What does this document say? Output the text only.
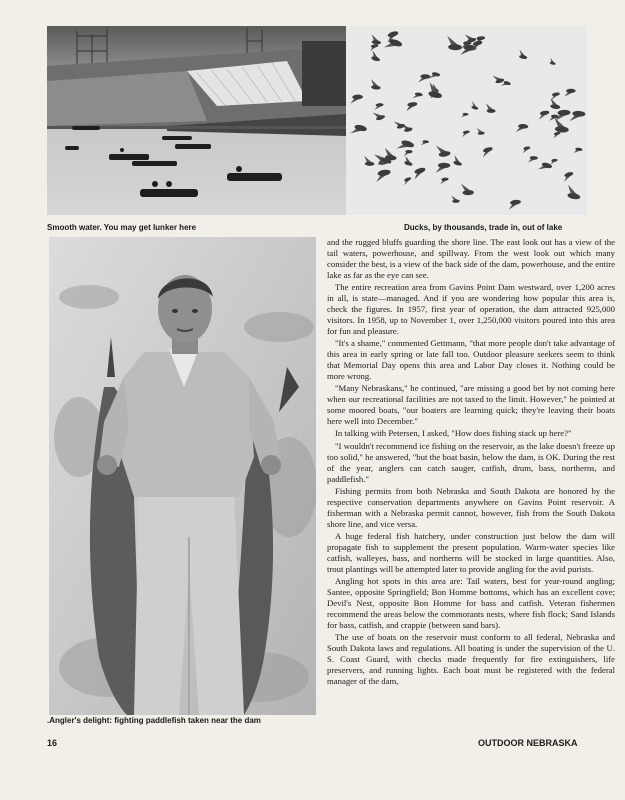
Smooth water. You may get lunker here	Ducks, by thousands, trade in, out of lake
.Angler's delight: fighting paddlefish taken near the dam

and the rugged bluffs guarding the shore line. The east look out has a view of the tail waters, powerhouse, and spillway. From the west look out which many consider the best, is a view of the back side of the dam, powerhouse, and the entire lake as far as the eye can see.

The entire recreation area from Gavins Point Dam westward, over 1,200 acres in all, is state—managed. And if you are wondering how popular this area is, check the figures. In 1957, first year of operation, the dam attracted 925,000 visitors. In 1958, up to November 1, over 1,250,000 visitors poured into this area for fun and pleasure.

"It's a shame," commented Gettmann, "that more people don't take advantage of this area in early spring or late fall too. Outdoor pleasure seekers seem to think that Memorial Day opens this area and Labor Day closes it. Nothing could be more wrong.

"Many Nebraskans," he continued, "are missing a good bet by not coming here when our recreational facilities are not taxed to the limit. However," he pointed at some moored boats, "our boaters are learning quick; they're leaving their boats here well into December."

In talking with Petersen, I asked, "How does fishing stack up here?"

"I wouldn't recommend ice fishing on the reservoir, as the lake doesn't freeze up too solid," he answered, "but the boat basin, below the dam, is OK. During the rest of the year, anglers can catch sauger, catfish, drum, bass, northerns, and paddlefish."

Fishing permits from both Nebraska and South Dakota are honored by the respective conservation departments anywhere on Gavins Point reservoir. A fisherman with a Nebraska permit cannot, however, fish from the South Dakota shore line, and vice versa.

A huge federal fish hatchery, under construction just below the dam will propagate fish to supplement the present population. Warm-water species like catfish, walleyes, bass, and northerns will be stocked in large quantities. Also, trout plantings will be attempted later to provide angling for the avid purists.

Angling hot spots in this area are: Tail waters, best for year-round angling; Santee, opposite Springfield; Bon Homme bottoms, which has an excellent cove; Devil's Nest, opposite Bon Homme for bass and catfish. Veteran fishermen recommend the areas below the commorants nests, where fish flock; Sand Islands for bass, catfish, and crappie (between sand bars).

The use of boats on the reservoir must conform to all federal, Nebraska and South Dakota laws and regulations. All boating is under the supervision of the U. S. Coast Guard, with checks made frequently for fire extinguishers, life preservers, and running lights. Each boat must be registered with the federal manager of the dam,

16	OUTDOOR NEBRASKA
